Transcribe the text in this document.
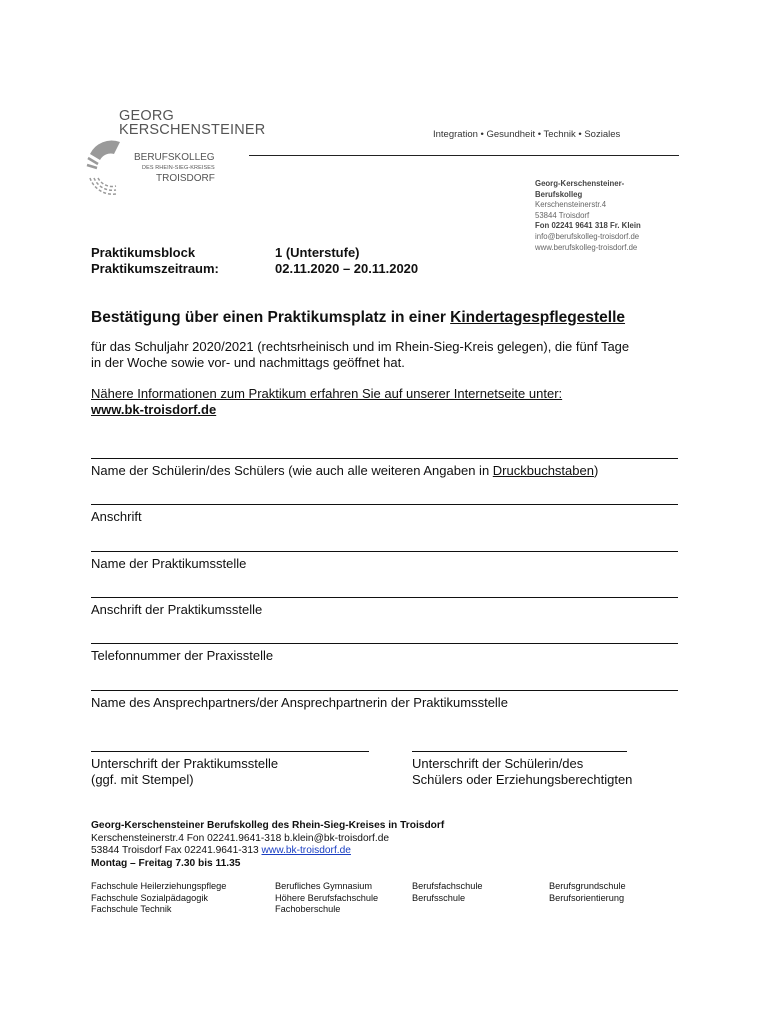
GEORG
KERSCHENSTEINER
BERUFSKOLLEG
DES RHEIN-SIEG-KREISES
TROISDORF
Integration • Gesundheit • Technik • Soziales
Georg-Kerschensteiner-
Berufskolleg
Kerschensteinerstr.4
53844 Troisdorf
Fon 02241 9641 318 Fr. Klein
info@berufskolleg-troisdorf.de
www.berufskolleg-troisdorf.de
Praktikumsblock	1 (Unterstufe)
Praktikumszeitraum:	02.11.2020 – 20.11.2020
Bestätigung über einen Praktikumsplatz in einer Kindertagespflegestelle
für das Schuljahr 2020/2021 (rechtsrheinisch und im Rhein-Sieg-Kreis gelegen), die fünf Tage
in der Woche sowie vor- und nachmittags geöffnet hat.
Nähere Informationen zum Praktikum erfahren Sie auf unserer Internetseite unter:
www.bk-troisdorf.de
Name der Schülerin/des Schülers (wie auch alle weiteren Angaben in Druckbuchstaben)
Anschrift
Name der Praktikumsstelle
Anschrift der Praktikumsstelle
Telefonnummer der Praxisstelle
Name des Ansprechpartners/der Ansprechpartnerin der Praktikumsstelle
Unterschrift der Praktikumsstelle
(ggf. mit Stempel)
Unterschrift der Schülerin/des
Schülers oder Erziehungsberechtigten
Georg-Kerschensteiner Berufskolleg des Rhein-Sieg-Kreises in Troisdorf
Kerschensteinerstr.4 Fon 02241.9641-318 b.klein@bk-troisdorf.de
53844 Troisdorf Fax 02241.9641-313 www.bk-troisdorf.de
Montag – Freitag 7.30 bis 11.35
Fachschule Heilerziehungspflege
Fachschule Sozialpädagogik
Fachschule Technik
Berufliches Gymnasium
Höhere Berufsfachschule
Fachoberschule
Berufsfachschule
Berufsschule
Berufsgrundschule
Berufsorientierung
